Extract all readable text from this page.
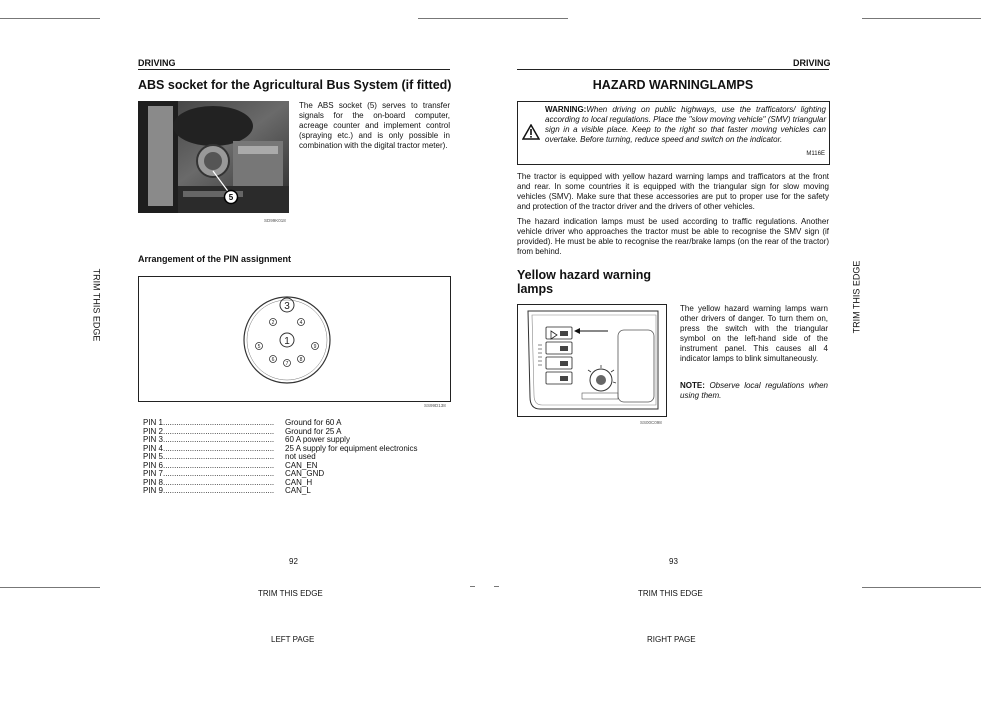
TRIM THIS EDGE	TRIM THIS EDGE
DRIVING
ABS socket for the Agricultural Bus System (if fitted)
5
SD99K018
The ABS socket (5) serves to transfer signals for the on-board computer, acreage counter and implement control (spraying etc.) and is only possible in combination with the digital tractor meter).
Arrangement of the PIN assignment
3
2	4
1
5	9
6
7
8
SS99D138
PIN 1 ..................................................	Ground for 60 A
PIN 2 ..................................................	Ground for 25 A
PIN 3 ..................................................	60 A power supply
PIN 4 ..................................................	25 A supply for equipment electronics
PIN 5 ..................................................	not used
PIN 6 ..................................................	CAN_EN
PIN 7 ..................................................	CAN_GND
PIN 8 ..................................................	CAN_H
PIN 9 ..................................................	CAN_L
92
TRIM THIS EDGE
LEFT PAGE
DRIVING
HAZARD WARNINGLAMPS
WARNING:When driving on public highways, use the trafficators/ lighting according to local regulations. Place the "slow moving vehicle" (SMV) triangular sign in a visible place. Keep to the right so that faster moving vehicles can overtake. Before turning, reduce speed and switch on the indicator.
M116E

The tractor is equipped with yellow hazard warning lamps and trafficators at the front and rear. In some countries it is equipped with the triangular sign for slow moving vehicles (SMV). Make sure that these accessories are put to proper use for the safety and protection of the tractor driver and the drivers of other vehicles.

The hazard indication lamps must be used according to traffic regulations. Another vehicle driver who approaches the tractor must be able to recognise the SMV sign (if provided). He must be able to recognise the rear/brake lamps (on the rear of the tractor) from behind.

Yellow hazard warning
lamps
SS00C098
The yellow hazard warning lamps warn other drivers of danger. To turn them on, press the switch with the triangular symbol on the left-hand side of the instrument panel. This causes all 4 indicator lamps to blink simultaneously.
NOTE: Observe local regulations when using them.
93
TRIM THIS EDGE
RIGHT PAGE
